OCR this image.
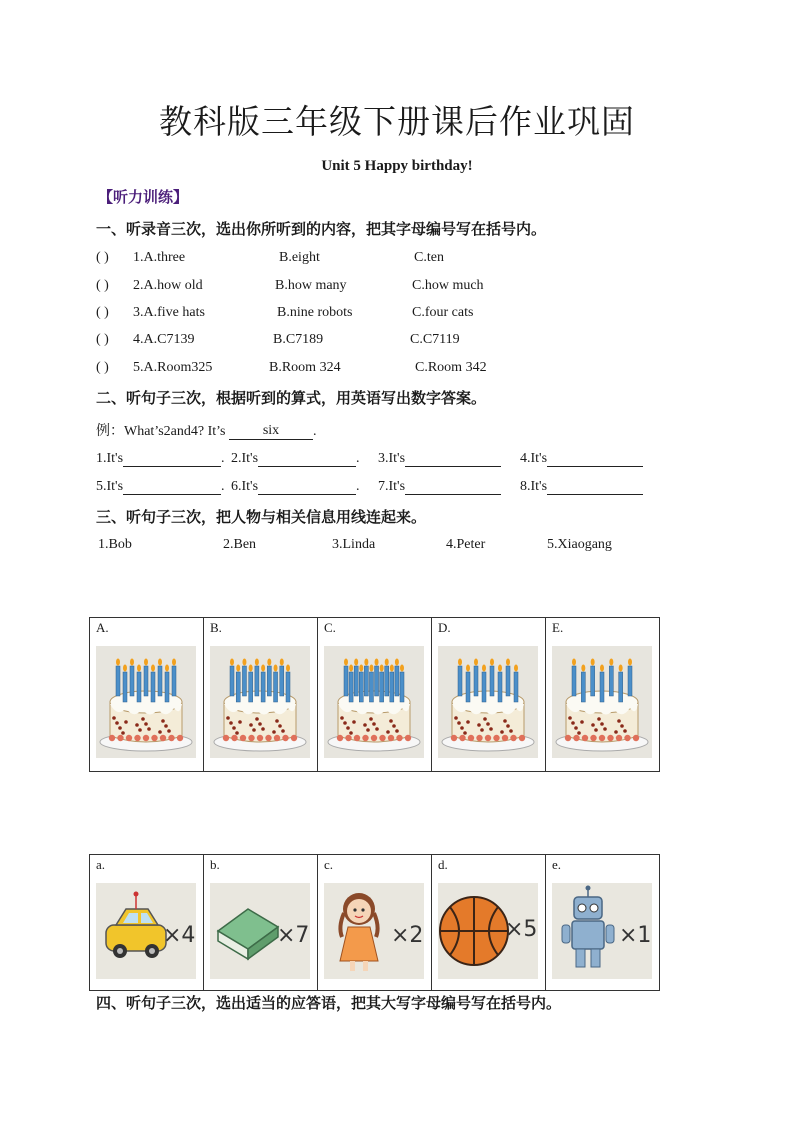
教科版三年级下册课后作业巩固
Unit 5 Happy birthday!
【听力训练】
一、听录音三次，选出你所听到的内容，把其字母编号写在括号内。
( ) 1.A.three	B.eight	C.ten
( ) 2.A.how old	B.how many	C.how much
( ) 3.A.five hats	B.nine robots	C.four cats
( ) 4.A.C7139	B.C7189	C.C7119
( ) 5.A.Room325	B.Room 324	C.Room 342
二、听句子三次，根据听到的算式，用英语写出数字答案。
例：What’s2and4? It’s	six .
1.It's	. 2.It's	. 3.It's	4.It's
5.It's	. 6.It's	. 7.It's	8.It's
三、听句子三次，把人物与相关信息用线连起来。
1.Bob	2.Ben	3.Linda	4.Peter	5.Xiaogang
A.	B.	C.	D.	E.
a.
×4

b.
×7

c.
×2

d.
×5

e.
×1
四、听句子三次，选出适当的应答语，把其大写字母编号写在括号内。
